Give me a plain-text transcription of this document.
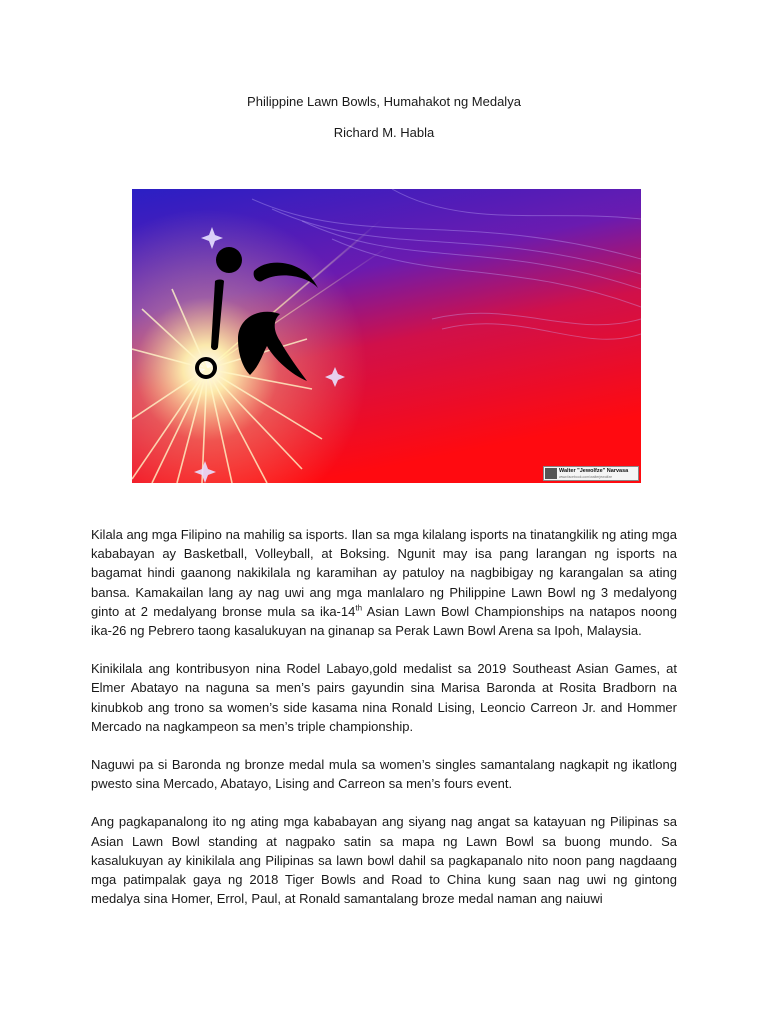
Philippine Lawn Bowls, Humahakot ng Medalya
Richard M. Habla
Walter "Jewolfze" Narvasa
www.facebook.com/walterjewolfze

Kilala ang mga Filipino na mahilig sa isports. Ilan sa mga kilalang isports na tinatangkilik ng ating mga kababayan ay Basketball, Volleyball, at Boksing. Ngunit may isa pang larangan ng isports na bagamat hindi gaanong nakikilala ng karamihan ay patuloy na nagbibigay ng karangalan sa ating bansa. Kamakailan lang ay nag uwi ang mga manlalaro ng Philippine Lawn Bowl ng 3 medalyong ginto at 2 medalyang bronse mula sa ika-14th Asian Lawn Bowl Championships na natapos noong ika-26 ng Pebrero taong kasalukuyan na ginanap sa Perak Lawn Bowl Arena sa Ipoh, Malaysia.

Kinikilala ang kontribusyon nina Rodel Labayo,gold medalist sa 2019 Southeast Asian Games, at Elmer Abatayo na naguna sa men’s pairs gayundin sina Marisa Baronda at Rosita Bradborn na kinubkob ang trono sa women’s side kasama nina Ronald Lising, Leoncio Carreon Jr. and Hommer Mercado na nagkampeon sa men’s triple championship.

Naguwi pa si Baronda ng bronze medal mula sa women’s singles samantalang nagkapit ng ikatlong pwesto sina Mercado, Abatayo, Lising and Carreon sa men’s fours event.

Ang pagkapanalong ito ng ating mga kababayan ang siyang nag angat sa katayuan ng Pilipinas sa Asian Lawn Bowl standing at nagpako satin sa mapa ng Lawn Bowl sa buong mundo. Sa kasalukuyan ay kinikilala ang Pilipinas sa lawn bowl dahil sa pagkapanalo nito noon pang nagdaang mga patimpalak gaya ng 2018 Tiger Bowls and Road to China kung saan nag uwi ng gintong medalya sina Homer, Errol, Paul, at Ronald samantalang broze medal naman ang naiuwi
